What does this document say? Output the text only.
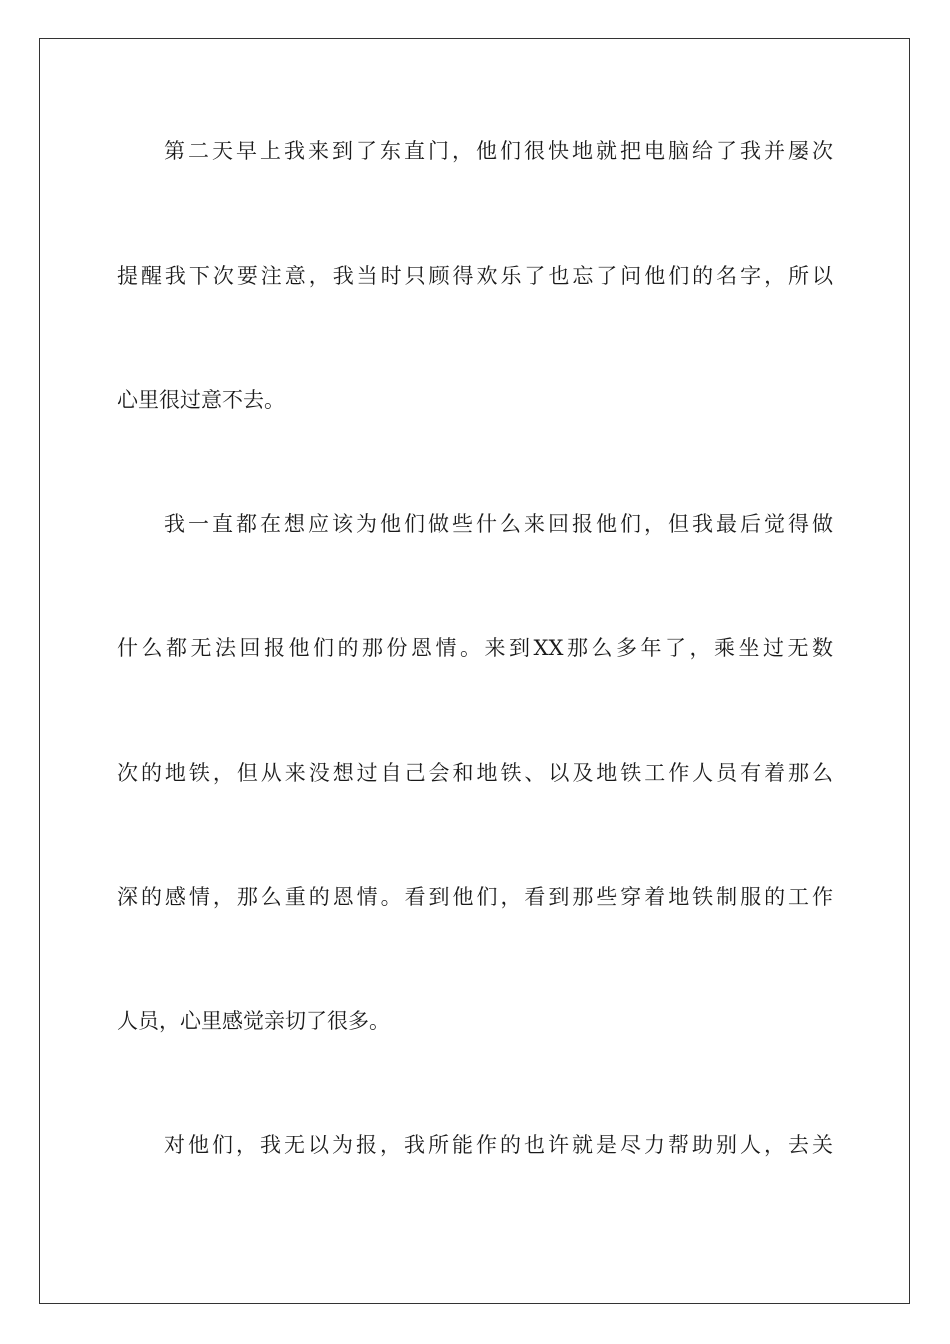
第二天早上我来到了东直门，他们很快地就把电脑给了我并屡次
提醒我下次要注意，我当时只顾得欢乐了也忘了问他们的名字，所以
心里很过意不去。
我一直都在想应该为他们做些什么来回报他们，但我最后觉得做
什么都无法回报他们的那份恩情。来到XX那么多年了，乘坐过无数
次的地铁，但从来没想过自己会和地铁、以及地铁工作人员有着那么
深的感情，那么重的恩情。看到他们，看到那些穿着地铁制服的工作
人员，心里感觉亲切了很多。
对他们，我无以为报，我所能作的也许就是尽力帮助别人，去关
